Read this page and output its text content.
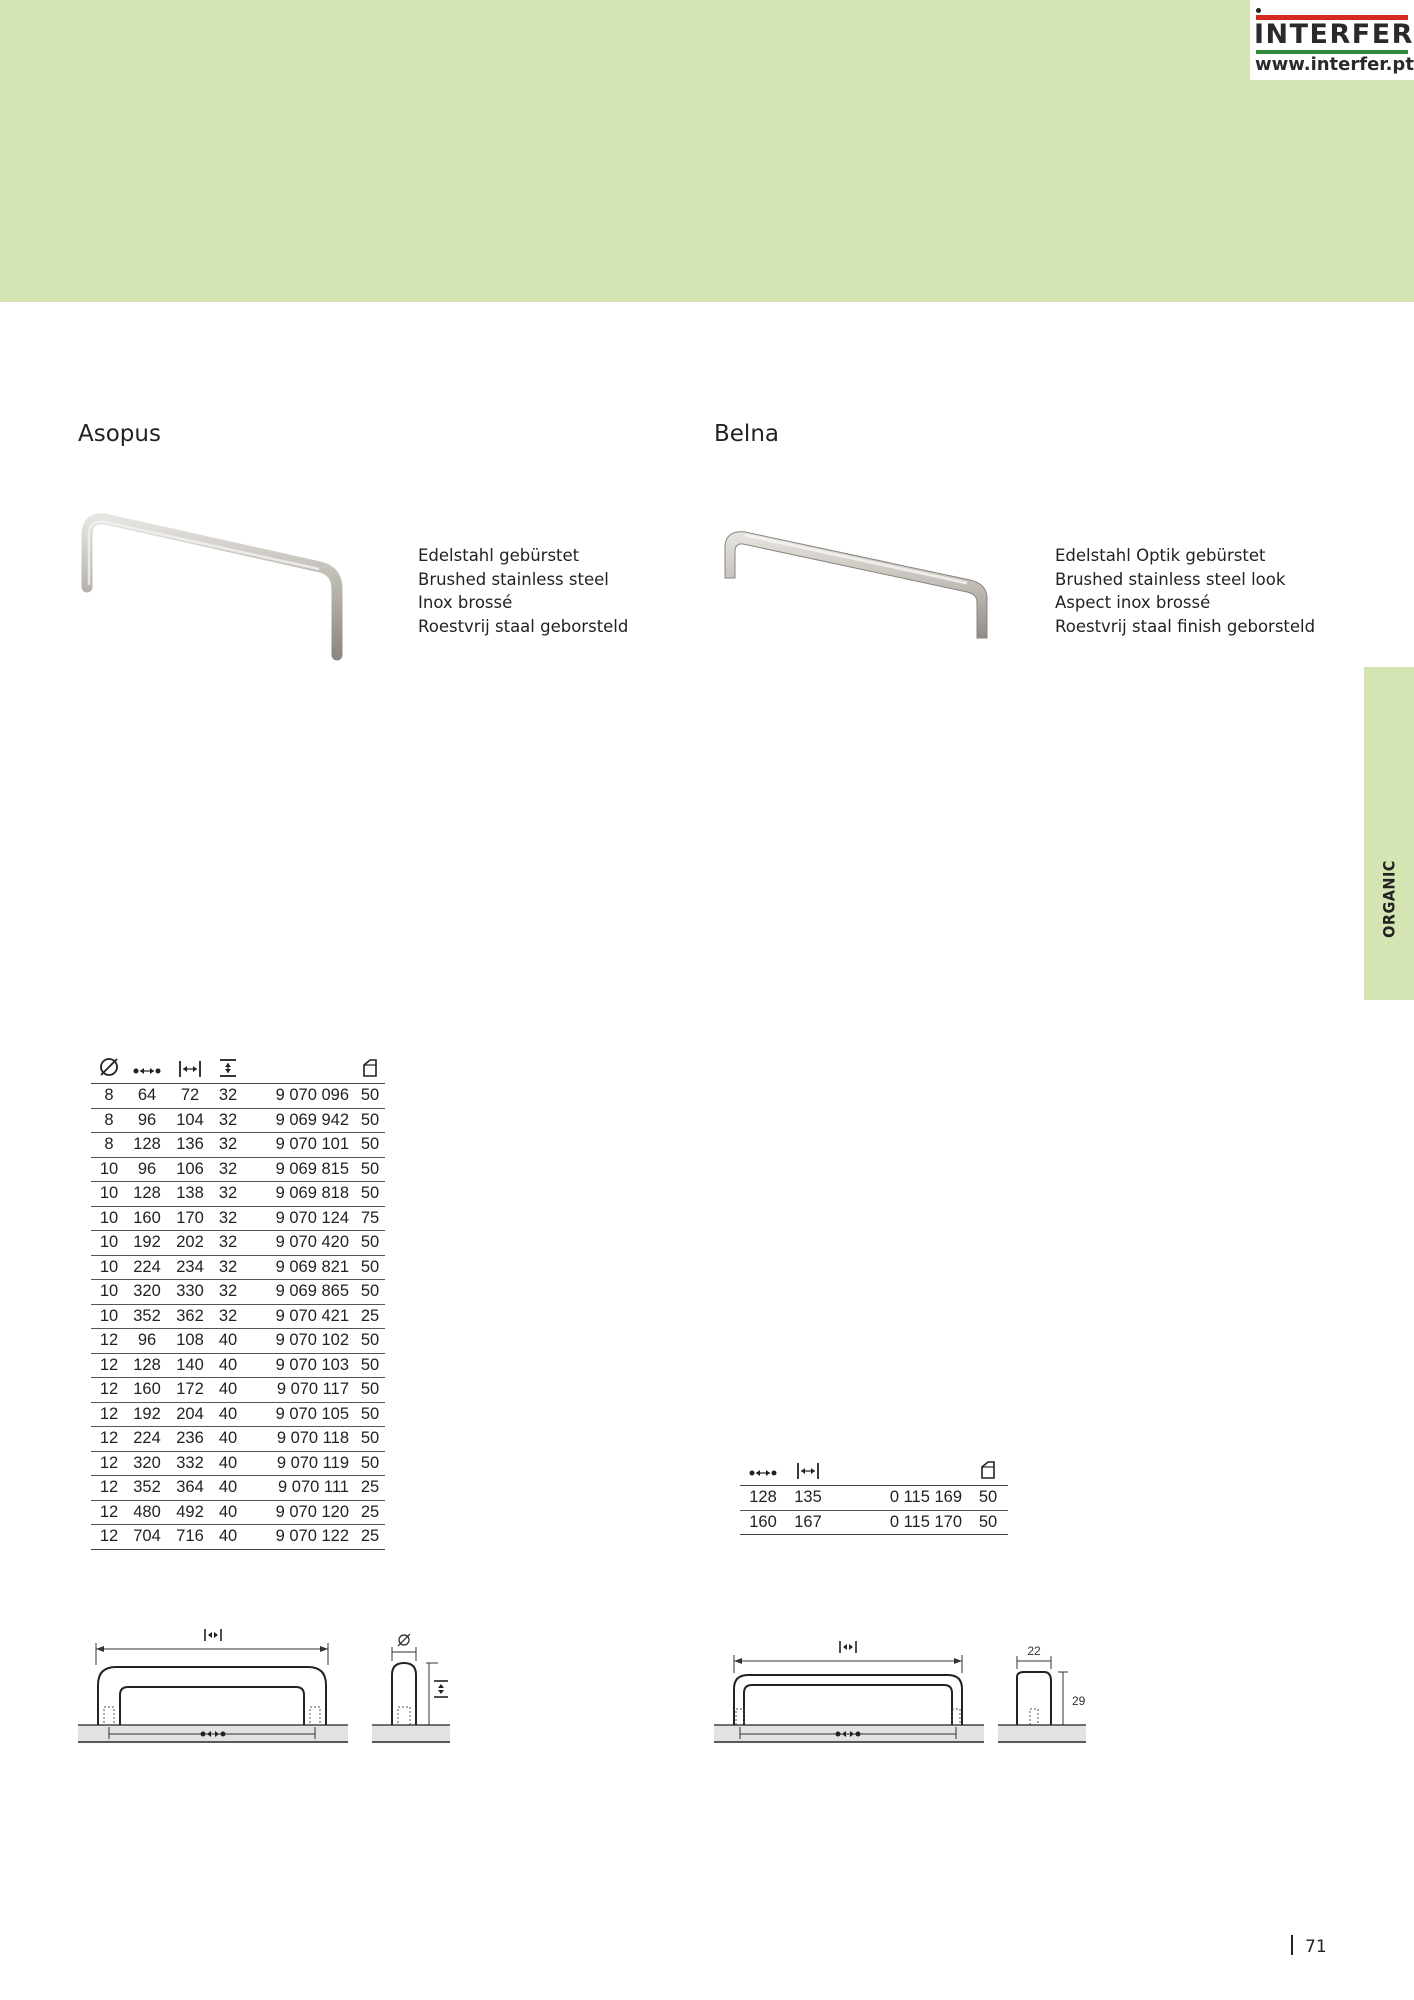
INTERFER
www.interfer.pt
ORGANIC
Asopus
Edelstahl gebürstet
Brushed stainless steel
Inox brossé
Roestvrij staal geborsteld
Belna
Edelstahl Optik gebürstet
Brushed stainless steel look
Aspect inox brossé
Roestvrij staal finish geborsteld

8	64	72	32	9 070 096	50
8	96	104	32	9 069 942	50
8	128	136	32	9 070 101	50
10	96	106	32	9 069 815	50
10	128	138	32	9 069 818	50
10	160	170	32	9 070 124	75
10	192	202	32	9 070 420	50
10	224	234	32	9 069 821	50
10	320	330	32	9 069 865	50
10	352	362	32	9 070 421	25
12	96	108	40	9 070 102	50
12	128	140	40	9 070 103	50
12	160	172	40	9 070 117	50
12	192	204	40	9 070 105	50
12	224	236	40	9 070 118	50
12	320	332	40	9 070 119	50
12	352	364	40	9 070 111	25
12	480	492	40	9 070 120	25
12	704	716	40	9 070 122	25

128	135	0 115 169	50
160	167	0 115 170	50
22
29
71
